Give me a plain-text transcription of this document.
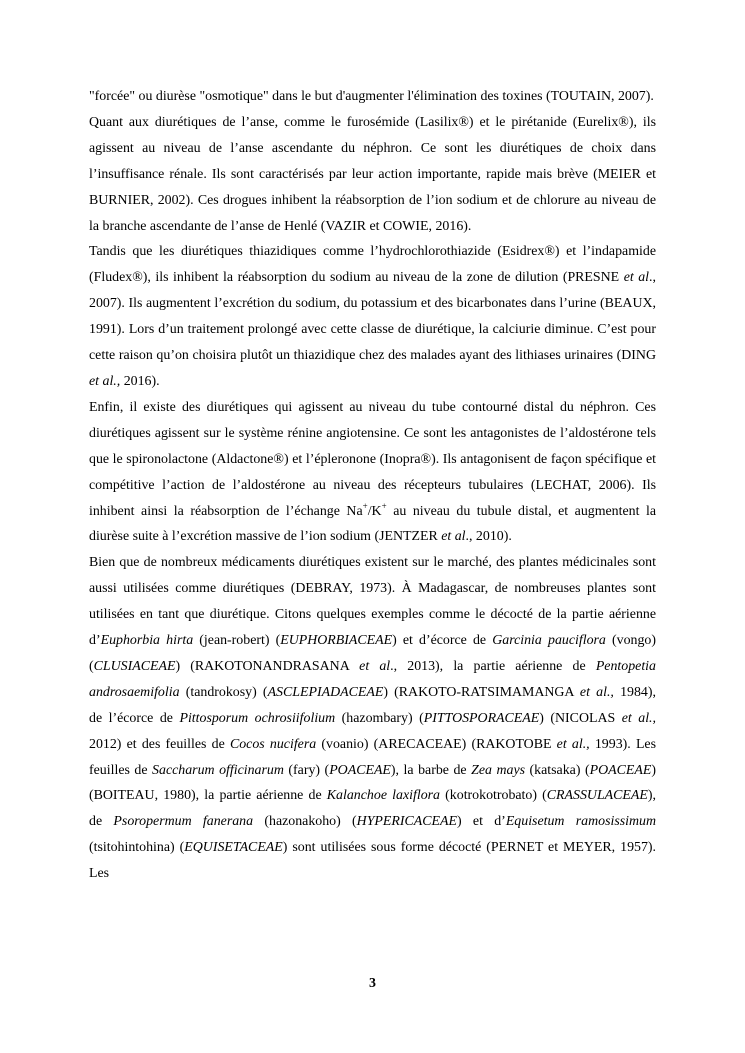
"forcée" ou diurèse "osmotique" dans le but d'augmenter l'élimination des toxines (TOUTAIN, 2007).

Quant aux diurétiques de l’anse, comme le furosémide (Lasilix®) et le pirétanide (Eurelix®), ils agissent au niveau de l’anse ascendante du néphron. Ce sont les diurétiques de choix dans l’insuffisance rénale. Ils sont caractérisés par leur action importante, rapide mais brève (MEIER et BURNIER, 2002). Ces drogues inhibent la réabsorption de l’ion sodium et de chlorure au niveau de la branche ascendante de l’anse de Henlé (VAZIR et COWIE, 2016).

Tandis que les diurétiques thiazidiques comme l’hydrochlorothiazide (Esidrex®) et l’indapamide (Fludex®), ils inhibent la réabsorption du sodium au niveau de la zone de dilution (PRESNE et al., 2007). Ils augmentent l’excrétion du sodium, du potassium et des bicarbonates dans l’urine (BEAUX, 1991). Lors d’un traitement prolongé avec cette classe de diurétique, la calciurie diminue. C’est pour cette raison qu’on choisira plutôt un thiazidique chez des malades ayant des lithiases urinaires (DING et al., 2016).

Enfin, il existe des diurétiques qui agissent au niveau du tube contourné distal du néphron. Ces diurétiques agissent sur le système rénine angiotensine. Ce sont les antagonistes de l’aldostérone tels que le spironolactone (Aldactone®) et l’épleronone (Inopra®). Ils antagonisent de façon spécifique et compétitive l’action de l’aldostérone au niveau des récepteurs tubulaires (LECHAT, 2006). Ils inhibent ainsi la réabsorption de l’échange Na+/K+ au niveau du tubule distal, et augmentent la diurèse suite à l’excrétion massive de l’ion sodium (JENTZER et al., 2010).

Bien que de nombreux médicaments diurétiques existent sur le marché, des plantes médicinales sont aussi utilisées comme diurétiques (DEBRAY, 1973). À Madagascar, de nombreuses plantes sont utilisées en tant que diurétique. Citons quelques exemples comme le décocté de la partie aérienne d’Euphorbia hirta (jean-robert) (EUPHORBIACEAE) et d’écorce de Garcinia pauciflora (vongo) (CLUSIACEAE) (RAKOTONANDRASANA et al., 2013), la partie aérienne de Pentopetia androsaemifolia (tandrokosy) (ASCLEPIADACEAE) (RAKOTO-RATSIMAMANGA et al., 1984), de l’écorce de Pittosporum ochrosiifolium (hazombary) (PITTOSPORACEAE) (NICOLAS et al., 2012) et des feuilles de Cocos nucifera (voanio) (ARECACEAE) (RAKOTOBE et al., 1993). Les feuilles de Saccharum officinarum (fary) (POACEAE), la barbe de Zea mays (katsaka) (POACEAE) (BOITEAU, 1980), la partie aérienne de Kalanchoe laxiflora (kotrokotrobato) (CRASSULACEAE), de Psoropermum fanerana (hazonakoho) (HYPERICACEAE) et d’Equisetum ramosissimum (tsitohintohina) (EQUISETACEAE) sont utilisées sous forme décocté (PERNET et MEYER, 1957). Les

3
